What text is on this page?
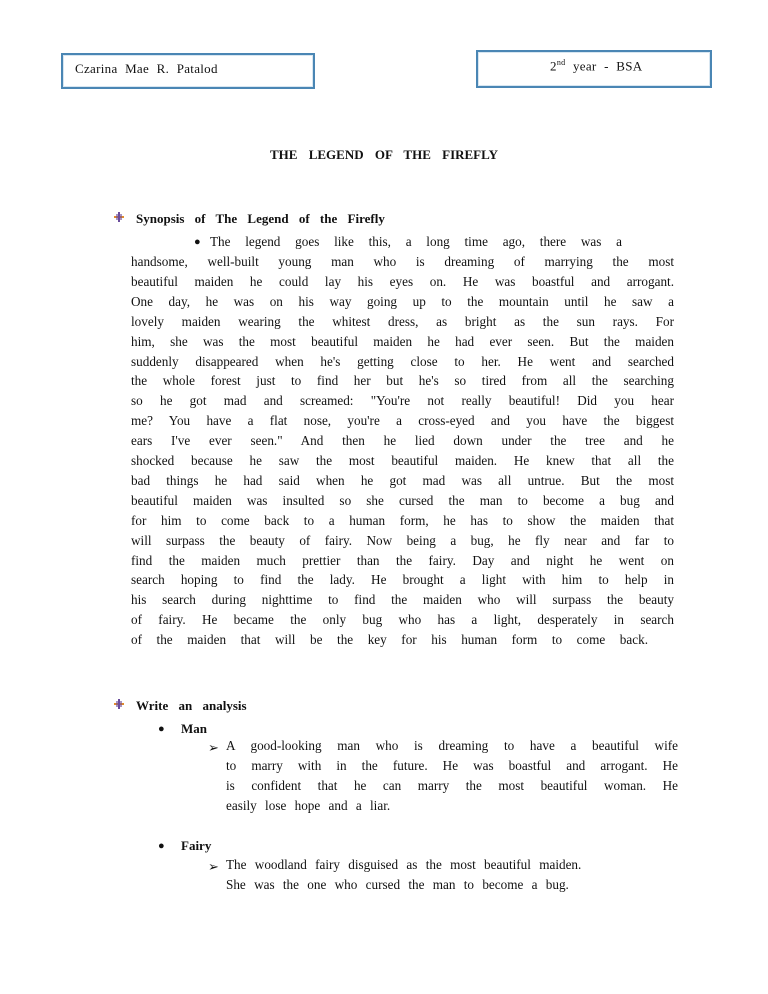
Czarina Mae R. Patalod	2nd year - BSA
THE LEGEND OF THE FIREFLY
Synopsis of The Legend of the Firefly
● The legend goes like this, a long time ago, there was a
handsome, well-built young man who is dreaming of marrying the most
beautiful maiden he could lay his eyes on. He was boastful and arrogant.
One day, he was on his way going up to the mountain until he saw a
lovely maiden wearing the whitest dress, as bright as the sun rays. For
him, she was the most beautiful maiden he had ever seen. But the maiden
suddenly disappeared when he's getting close to her. He went and searched
the whole forest just to find her but he's so tired from all the searching
so he got mad and screamed: "You're not really beautiful! Did you hear
me? You have a flat nose, you're a cross-eyed and you have the biggest
ears I've ever seen." And then he lied down under the tree and he
shocked because he saw the most beautiful maiden. He knew that all the
bad things he had said when he got mad was all untrue. But the most
beautiful maiden was insulted so she cursed the man to become a bug and
for him to come back to a human form, he has to show the maiden that
will surpass the beauty of fairy. Now being a bug, he fly near and far to
find the maiden much prettier than the fairy. Day and night he went on
search hoping to find the lady. He brought a light with him to help in
his search during nighttime to find the maiden who will surpass the beauty
of fairy. He became the only bug who has a light, desperately in search
of the maiden that will be the key for his human form to come back.
Write an analysis
● Man
➢ A good-looking man who is dreaming to have a beautiful wife
to marry with in the future. He was boastful and arrogant. He
is confident that he can marry the most beautiful woman. He
easily lose hope and a liar.
● Fairy
➢ The woodland fairy disguised as the most beautiful maiden.
She was the one who cursed the man to become a bug.
